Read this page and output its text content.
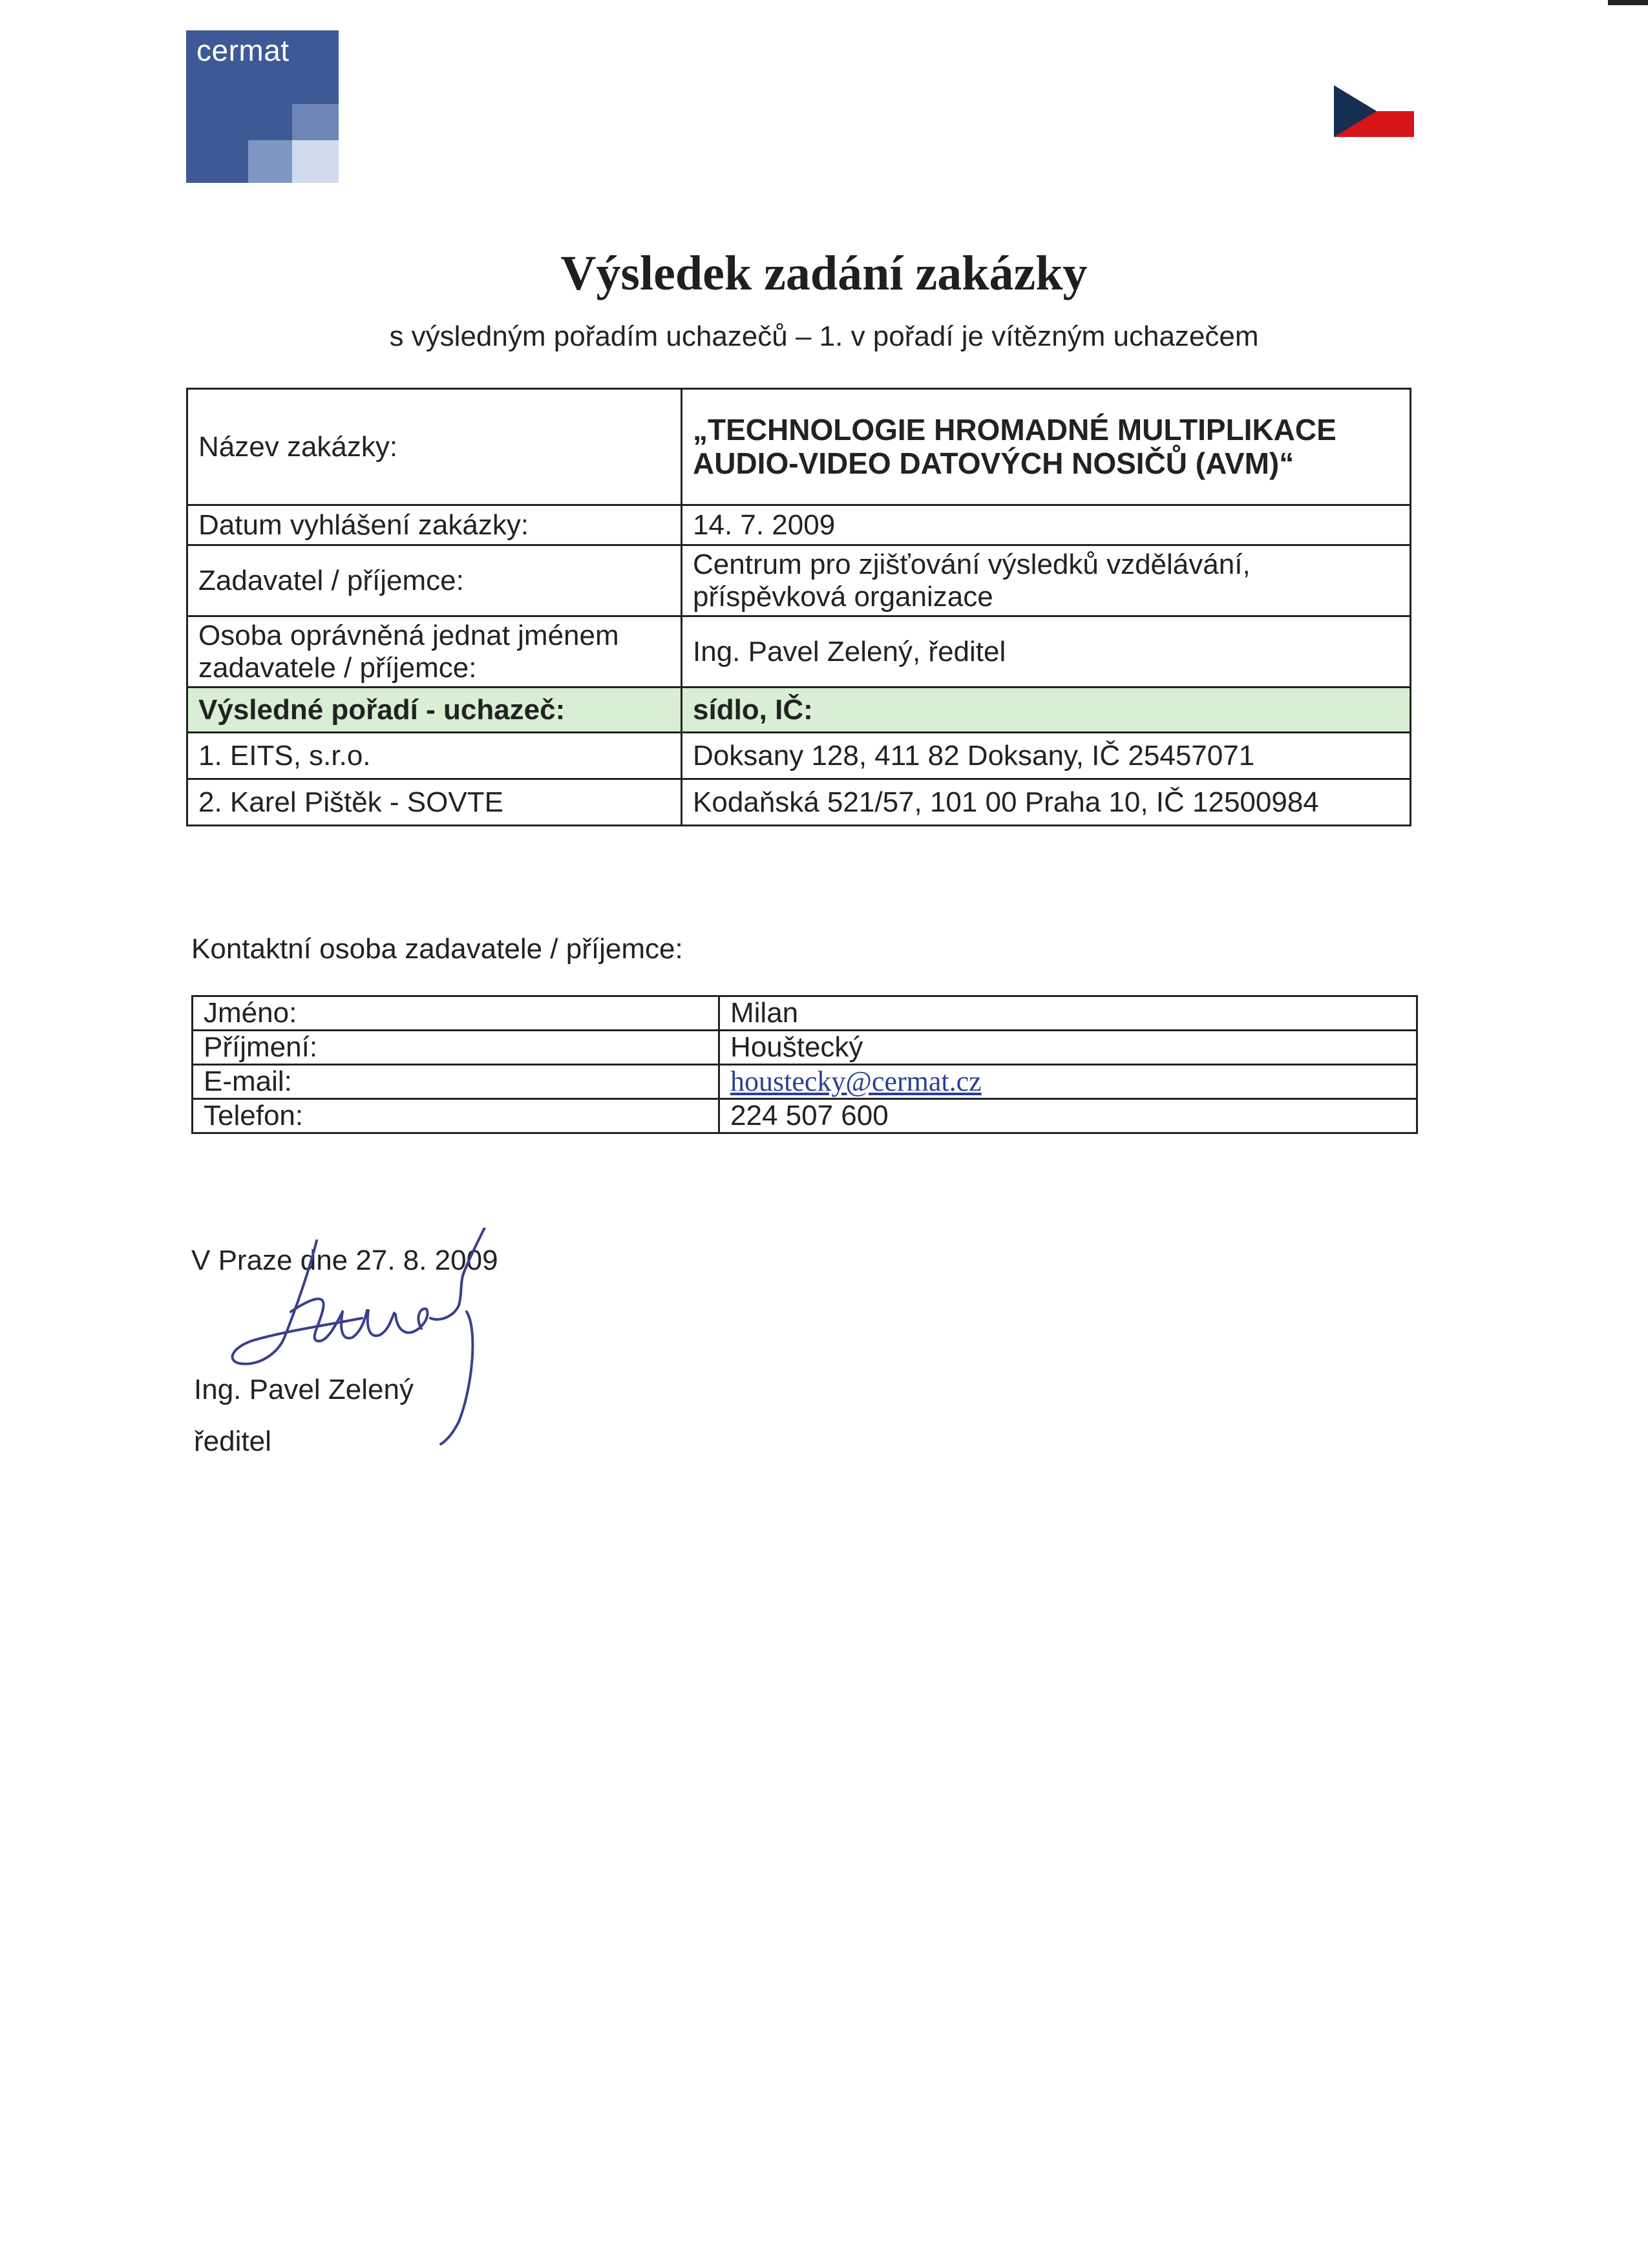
cermat
Výsledek zadání zakázky
s výsledným pořadím uchazečů – 1. v pořadí je vítězným uchazečem
Název zakázky:	„TECHNOLOGIE HROMADNÉ MULTIPLIKACE
AUDIO-VIDEO DATOVÝCH NOSIČŮ (AVM)“

Datum vyhlášení zakázky:	14. 7. 2009
Zadavatel / příjemce:	Centrum pro zjišťování výsledků vzdělávání,
příspěvková organizace

Osoba oprávněná jednat jménem
zadavatele / příjemce:	Ing. Pavel Zelený, ředitel
Výsledné pořadí - uchazeč:	sídlo, IČ:
1. EITS, s.r.o.	Doksany 128, 411 82 Doksany, IČ 25457071
2. Karel Pištěk - SOVTE	Kodaňská 521/57, 101 00 Praha 10, IČ 12500984
Kontaktní osoba zadavatele / příjemce:
Jméno:	Milan
Příjmení:	Houštecký
E-mail:	houstecky@cermat.cz
Telefon:	224 507 600
V Praze dne 27. 8. 2009
Ing. Pavel Zelený
ředitel
